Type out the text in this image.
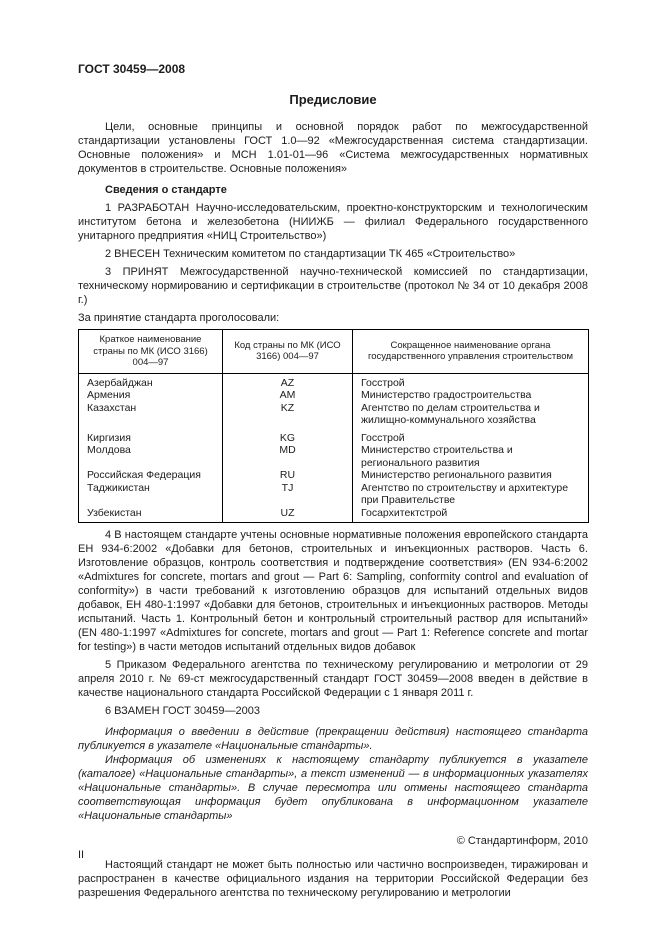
ГОСТ 30459—2008

Предисловие

Цели, основные принципы и основной порядок работ по межгосударственной стандартизации установлены ГОСТ 1.0—92 «Межгосударственная система стандартизации. Основные положения» и МСН 1.01-01—96 «Система межгосударственных нормативных документов в строительстве. Основные положения»

Сведения о стандарте

1 РАЗРАБОТАН Научно-исследовательским, проектно-конструкторским и технологическим институтом бетона и железобетона (НИИЖБ — филиал Федерального государственного унитарного предприятия «НИЦ Строительство»)

2 ВНЕСЕН Техническим комитетом по стандартизации ТК 465 «Строительство»

3 ПРИНЯТ Межгосударственной научно-технической комиссией по стандартизации, техническому нормированию и сертификации в строительстве (протокол № 34 от 10 декабря 2008 г.)

За принятие стандарта проголосовали:

Краткое наименование страны по МК (ИСО 3166) 004—97	Код страны по МК (ИСО 3166) 004—97	Сокращенное наименование органа государственного управления строительством
Азербайджан	AZ	Госстрой
Армения	AM	Министерство градостроительства
Казахстан	KZ	Агентство по делам строительства и жилищно-коммунального хозяйства
Киргизия	KG	Госстрой
Молдова	MD	Министерство строительства и регионального развития
Российская Федерация	RU	Министерство регионального развития
Таджикистан	TJ	Агентство по строительству и архитектуре при Правительстве
Узбекистан	UZ	Госархитектстрой

4 В настоящем стандарте учтены основные нормативные положения европейского стандарта ЕН 934-6:2002 «Добавки для бетонов, строительных и инъекционных растворов. Часть 6. Изготовление образцов, контроль соответствия и подтверждение соответствия» (EN 934-6:2002 «Admixtures for concrete, mortars and grout — Part 6: Sampling, conformity control and evaluation of conformity») в части требований к изготовлению образцов для испытаний отдельных видов добавок, ЕН 480-1:1997 «Добавки для бетонов, строительных и инъекционных растворов. Методы испытаний. Часть 1. Контрольный бетон и контрольный строительный раствор для испытаний» (EN 480-1:1997 «Admixtures for concrete, mortars and grout — Part 1: Reference concrete and mortar for testing») в части методов испытаний отдельных видов добавок

5 Приказом Федерального агентства по техническому регулированию и метрологии от 29 апреля 2010 г. № 69-ст межгосударственный стандарт ГОСТ 30459—2008 введен в действие в качестве национального стандарта Российской Федерации с 1 января 2011 г.

6 ВЗАМЕН ГОСТ 30459—2003

Информация о введении в действие (прекращении действия) настоящего стандарта публикуется в указателе «Национальные стандарты».

Информация об изменениях к настоящему стандарту публикуется в указателе (каталоге) «Национальные стандарты», а текст изменений — в информационных указателях «Национальные стандарты». В случае пересмотра или отмены настоящего стандарта соответствующая информация будет опубликована в информационном указателе «Национальные стандарты»

© Стандартинформ, 2010

Настоящий стандарт не может быть полностью или частично воспроизведен, тиражирован и распространен в качестве официального издания на территории Российской Федерации без разрешения Федерального агентства по техническому регулированию и метрологии

II
